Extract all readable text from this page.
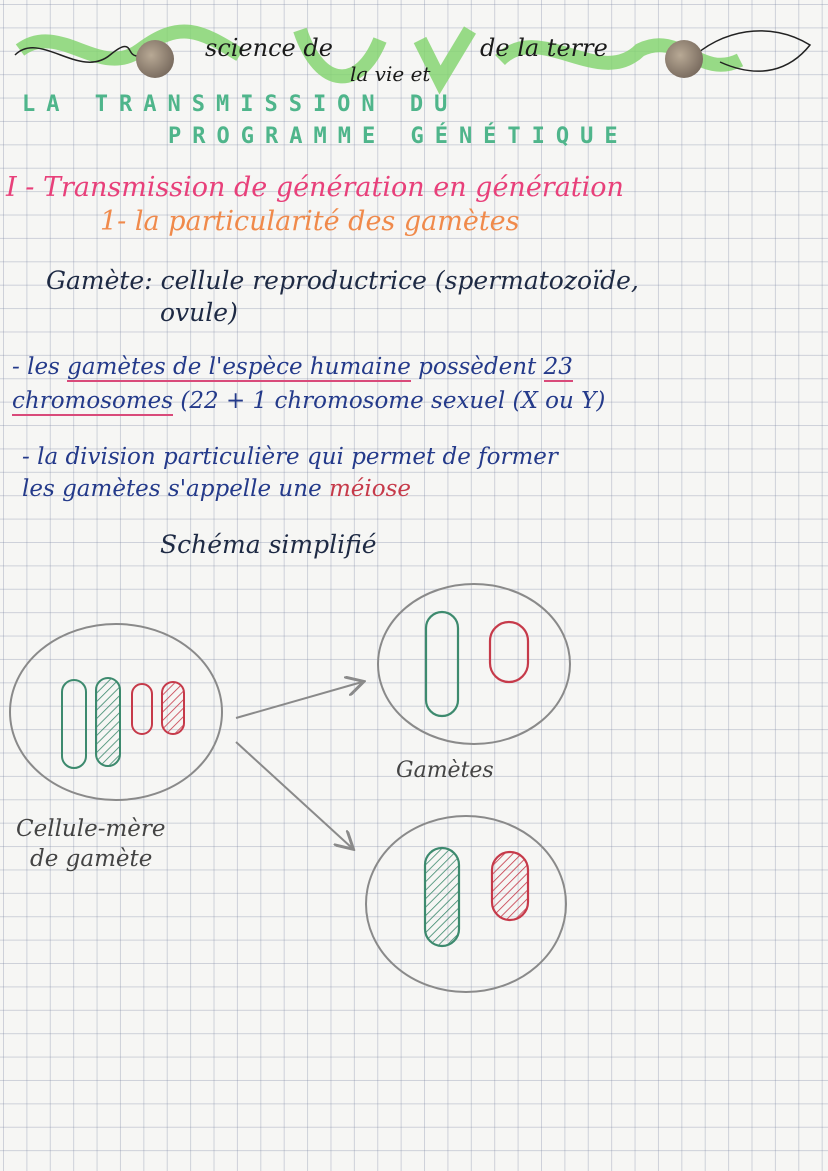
science de	de la terre
la vie et
LA TRANSMISSION DU
PROGRAMME GÉNÉTIQUE
I - Transmission de génération en génération
1- la particularité des gamètes
Gamète: cellule reproductrice (spermatozoïde,
ovule)
- les gamètes de l'espèce humaine possèdent 23
chromosomes (22 + 1 chromosome sexuel (X ou Y)
- la division particulière qui permet de former
les gamètes s'appelle une méiose
Schéma simplifié
Gamètes
Cellule-mère
de gamète
